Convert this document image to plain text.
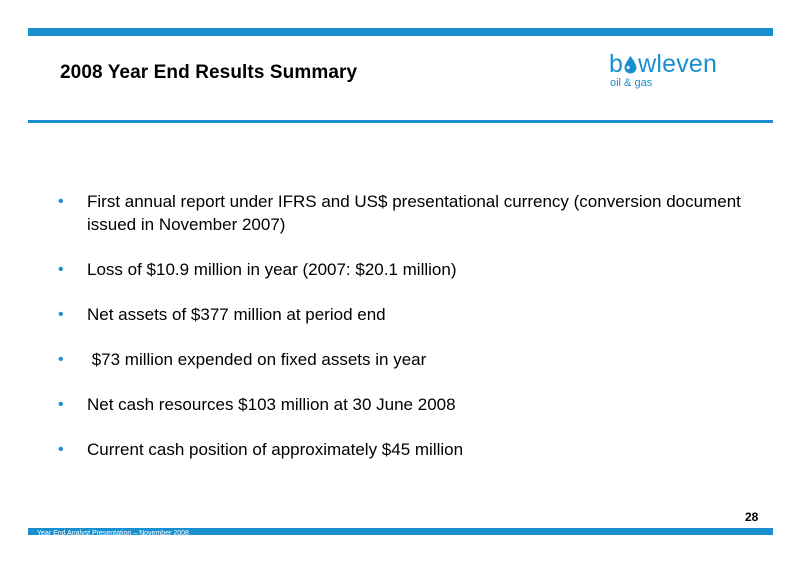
2008 Year End Results Summary	b wleven
oil & gas
• First annual report under IFRS and US$ presentational currency (conversion document issued in November 2007)
• Loss of $10.9 million in year (2007: $20.1 million)
• Net assets of $377 million at period end
• $73 million expended on fixed assets in year
• Net cash resources $103 million at 30 June 2008
• Current cash position of approximately $45 million
28
Year End Analyst Presentation – November 2008
